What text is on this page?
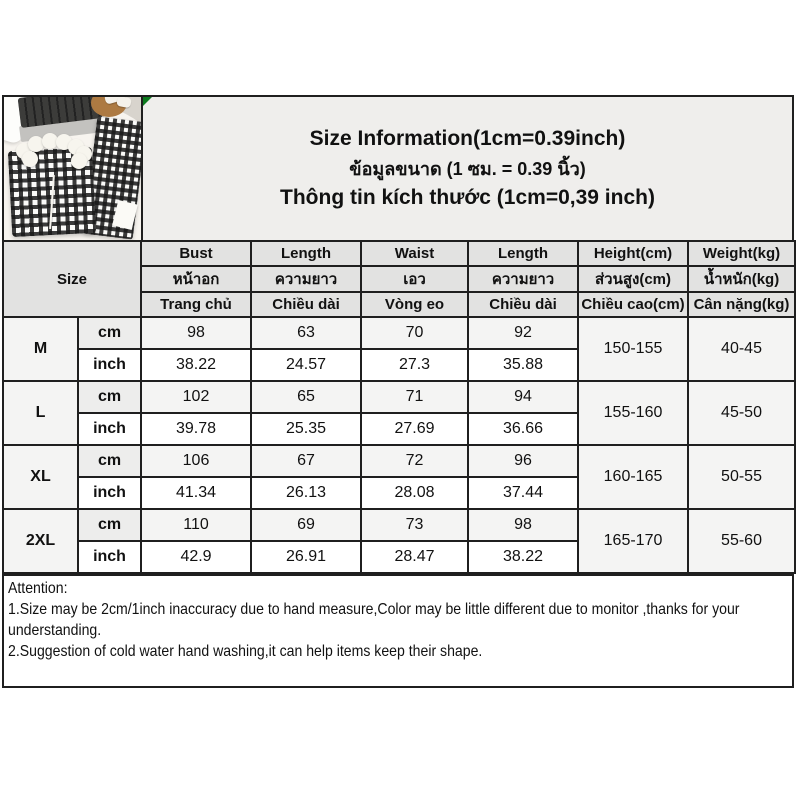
Size Information(1cm=0.39inch)
ข้อมูลขนาด (1 ซม. = 0.39 นิ้ว)
Thông tin kích thước (1cm=0,39 inch)
Size		Bust	Length	Waist	Length	Height(cm)	Weight(kg)
		หน้าอก	ความยาว	เอว	ความยาว	ส่วนสูง(cm)	น้ำหนัก(kg)
		Trang chủ	Chiều dài	Vòng eo	Chiều dài	Chiều cao(cm)	Cân nặng(kg)
M	cm	98	63	70	92	150-155	40-45
	inch	38.22	24.57	27.3	35.88		
L	cm	102	65	71	94	155-160	45-50
	inch	39.78	25.35	27.69	36.66		
XL	cm	106	67	72	96	160-165	50-55
	inch	41.34	26.13	28.08	37.44		
2XL	cm	110	69	73	98	165-170	55-60
	inch	42.9	26.91	28.47	38.22		
Attention:
1.Size may be 2cm/1inch inaccuracy due to hand measure,Color may be little different due to monitor ,thanks for your understanding.
2.Suggestion of cold water hand washing,it can help items keep their shape.
